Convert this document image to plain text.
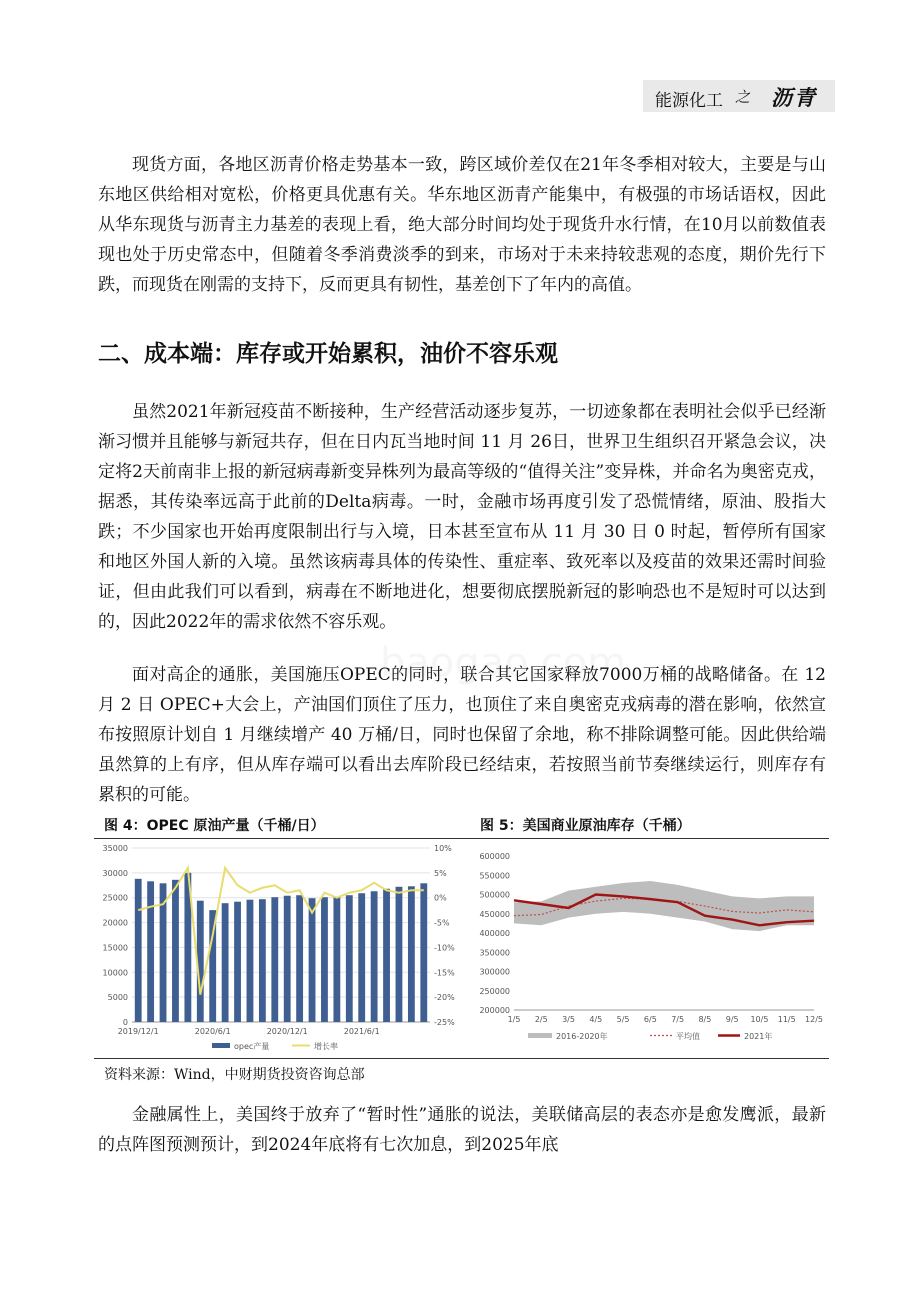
能源化工 之 沥青

现货方面，各地区沥青价格走势基本一致，跨区域价差仅在21年冬季相对较大，主要是与山东地区供给相对宽松，价格更具优惠有关。华东地区沥青产能集中，有极强的市场话语权，因此从华东现货与沥青主力基差的表现上看，绝大部分时间均处于现货升水行情，在10月以前数值表现也处于历史常态中，但随着冬季消费淡季的到来，市场对于未来持较悲观的态度，期价先行下跌，而现货在刚需的支持下，反而更具有韧性，基差创下了年内的高值。

二、成本端：库存或开始累积，油价不容乐观

虽然2021年新冠疫苗不断接种，生产经营活动逐步复苏，一切迹象都在表明社会似乎已经渐渐习惯并且能够与新冠共存，但在日内瓦当地时间 11 月 26日，世界卫生组织召开紧急会议，决定将2天前南非上报的新冠病毒新变异株列为最高等级的“值得关注”变异株，并命名为奥密克戎，据悉，其传染率远高于此前的Delta病毒。一时，金融市场再度引发了恐慌情绪，原油、股指大跌；不少国家也开始再度限制出行与入境，日本甚至宣布从 11 月 30 日 0 时起，暂停所有国家和地区外国人新的入境。虽然该病毒具体的传染性、重症率、致死率以及疫苗的效果还需时间验证，但由此我们可以看到，病毒在不断地进化，想要彻底摆脱新冠的影响恐也不是短时可以达到的，因此2022年的需求依然不容乐观。

面对高企的通胀，美国施压OPEC的同时，联合其它国家释放7000万桶的战略储备。在 12 月 2 日 OPEC+大会上，产油国们顶住了压力，也顶住了来自奥密克戎病毒的潜在影响，依然宣布按照原计划自 1 月继续增产 40 万桶/日，同时也保留了余地，称不排除调整可能。因此供给端虽然算的上有序，但从库存端可以看出去库阶段已经结束，若按照当前节奏继续运行，则库存有累积的可能。

图 4：OPEC 原油产量（千桶/日）	图 5：美国商业原油库存（千桶）
0
5000
10000
15000
20000
25000
30000
35000
-25%
-20%
-15%
-10%
-5%
0%
5%
10%
2019/12/1	2020/6/1	2020/12/1	2021/6/1
opec产量	增长率
200000
250000
300000
350000
400000
450000
500000
550000
600000
1/5 2/5 3/5 4/5 5/5 6/5 7/5 8/5 9/5 10/5 11/5 12/5
2016-2020年	平均值	2021年
资料来源：Wind，中财期货投资咨询总部

金融属性上，美国终于放弃了“暂时性”通胀的说法，美联储高层的表态亦是愈发鹰派，最新的点阵图预测预计，到2024年底将有七次加息，到2025年底
